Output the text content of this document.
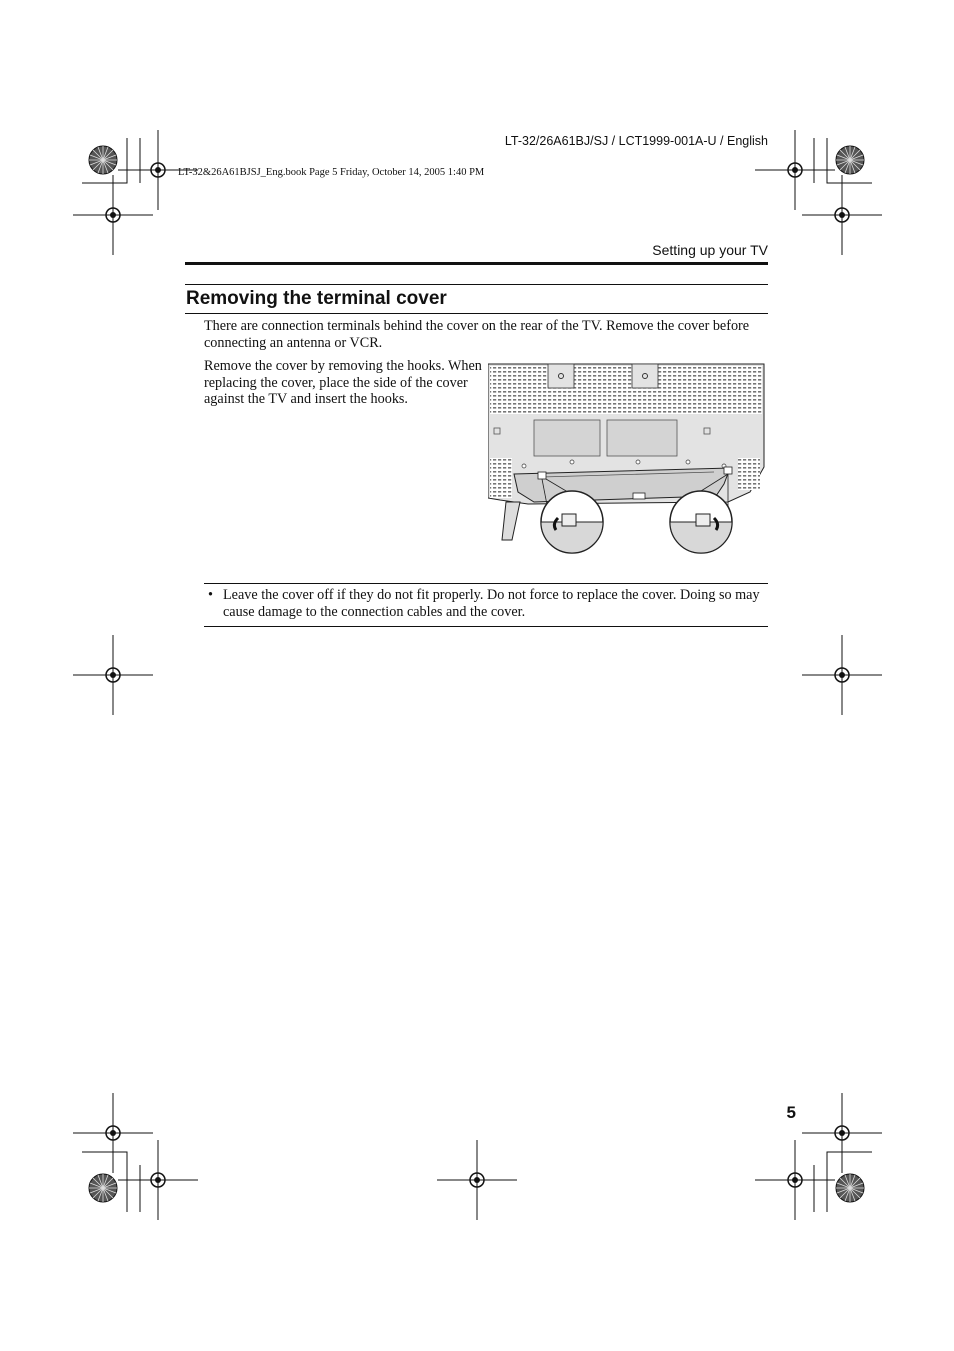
LT-32/26A61BJ/SJ / LCT1999-001A-U / English
LT-32&26A61BJSJ_Eng.book Page 5 Friday, October 14, 2005 1:40 PM
Setting up your TV
Removing the terminal cover
There are connection terminals behind the cover on the rear of the TV. Remove the cover before connecting an antenna or VCR.
Remove the cover by removing the hooks. When replacing the cover, place the side of the cover against the TV and insert the hooks.
• Leave the cover off if they do not fit properly. Do not force to replace the cover. Doing so may cause damage to the connection cables and the cover.
5
